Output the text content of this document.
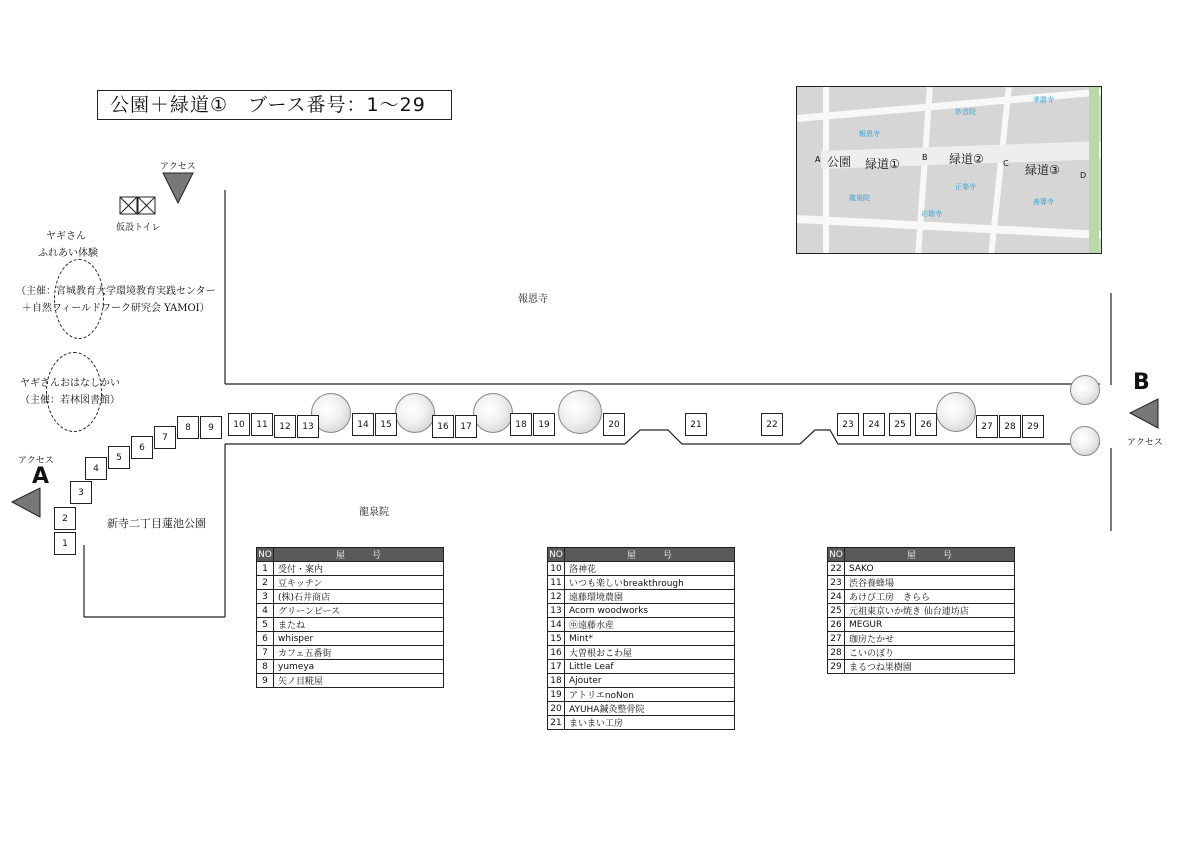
公園＋緑道①　ブース番号：1〜29
アクセス
仮設トイレ
アクセス
A
アクセス
B
ヤギさん
ふれあい体験
（主催：宮城教育大学環境教育実践センター
＋自然フィールドワーク研究会 YAMOI）
ヤギさんおはなしかい
（主催：若林図書館）
報恩寺
龍泉院
新寺二丁目蓮池公園
1
2
3
4
5
6
7
8	9	10	11	12	13	14	15	16	17	18	19	20	21	22	23	24	25	26	27	28	29
NO	屋　　　号
1	受付・案内
2	豆キッチン
3	(株)石井商店
4	グリーンピース
5	またね
6	whisper
7	カフェ五番街
8	yumeya
9	矢ノ目糀屋
NO	屋　　　号
10	洛神花
11	いつも楽しいbreakthrough
12	遠藤環境農園
13	Acorn woodworks
14	㊥遠藤水産
15	Mint*
16	大曽根おこわ屋
17	Little Leaf
18	Ajouter
19	アトリエnoNon
20	AYUHA鍼灸整骨院
21	まいまい工房
NO	屋　　　号
22	SAKO
23	渋谷養蜂場
24	あけび工房　きらら
25	元祖東京いか焼き 仙台連坊店
26	MEGUR
27	珈房たかせ
28	こいのぼり
29	まるつね果樹園
A 公園 緑道①	B 緑道② C 緑道③	D
報恩寺
龍泉院
妙音院
孝勝寺
正楽寺
応瑞寺
善導寺
